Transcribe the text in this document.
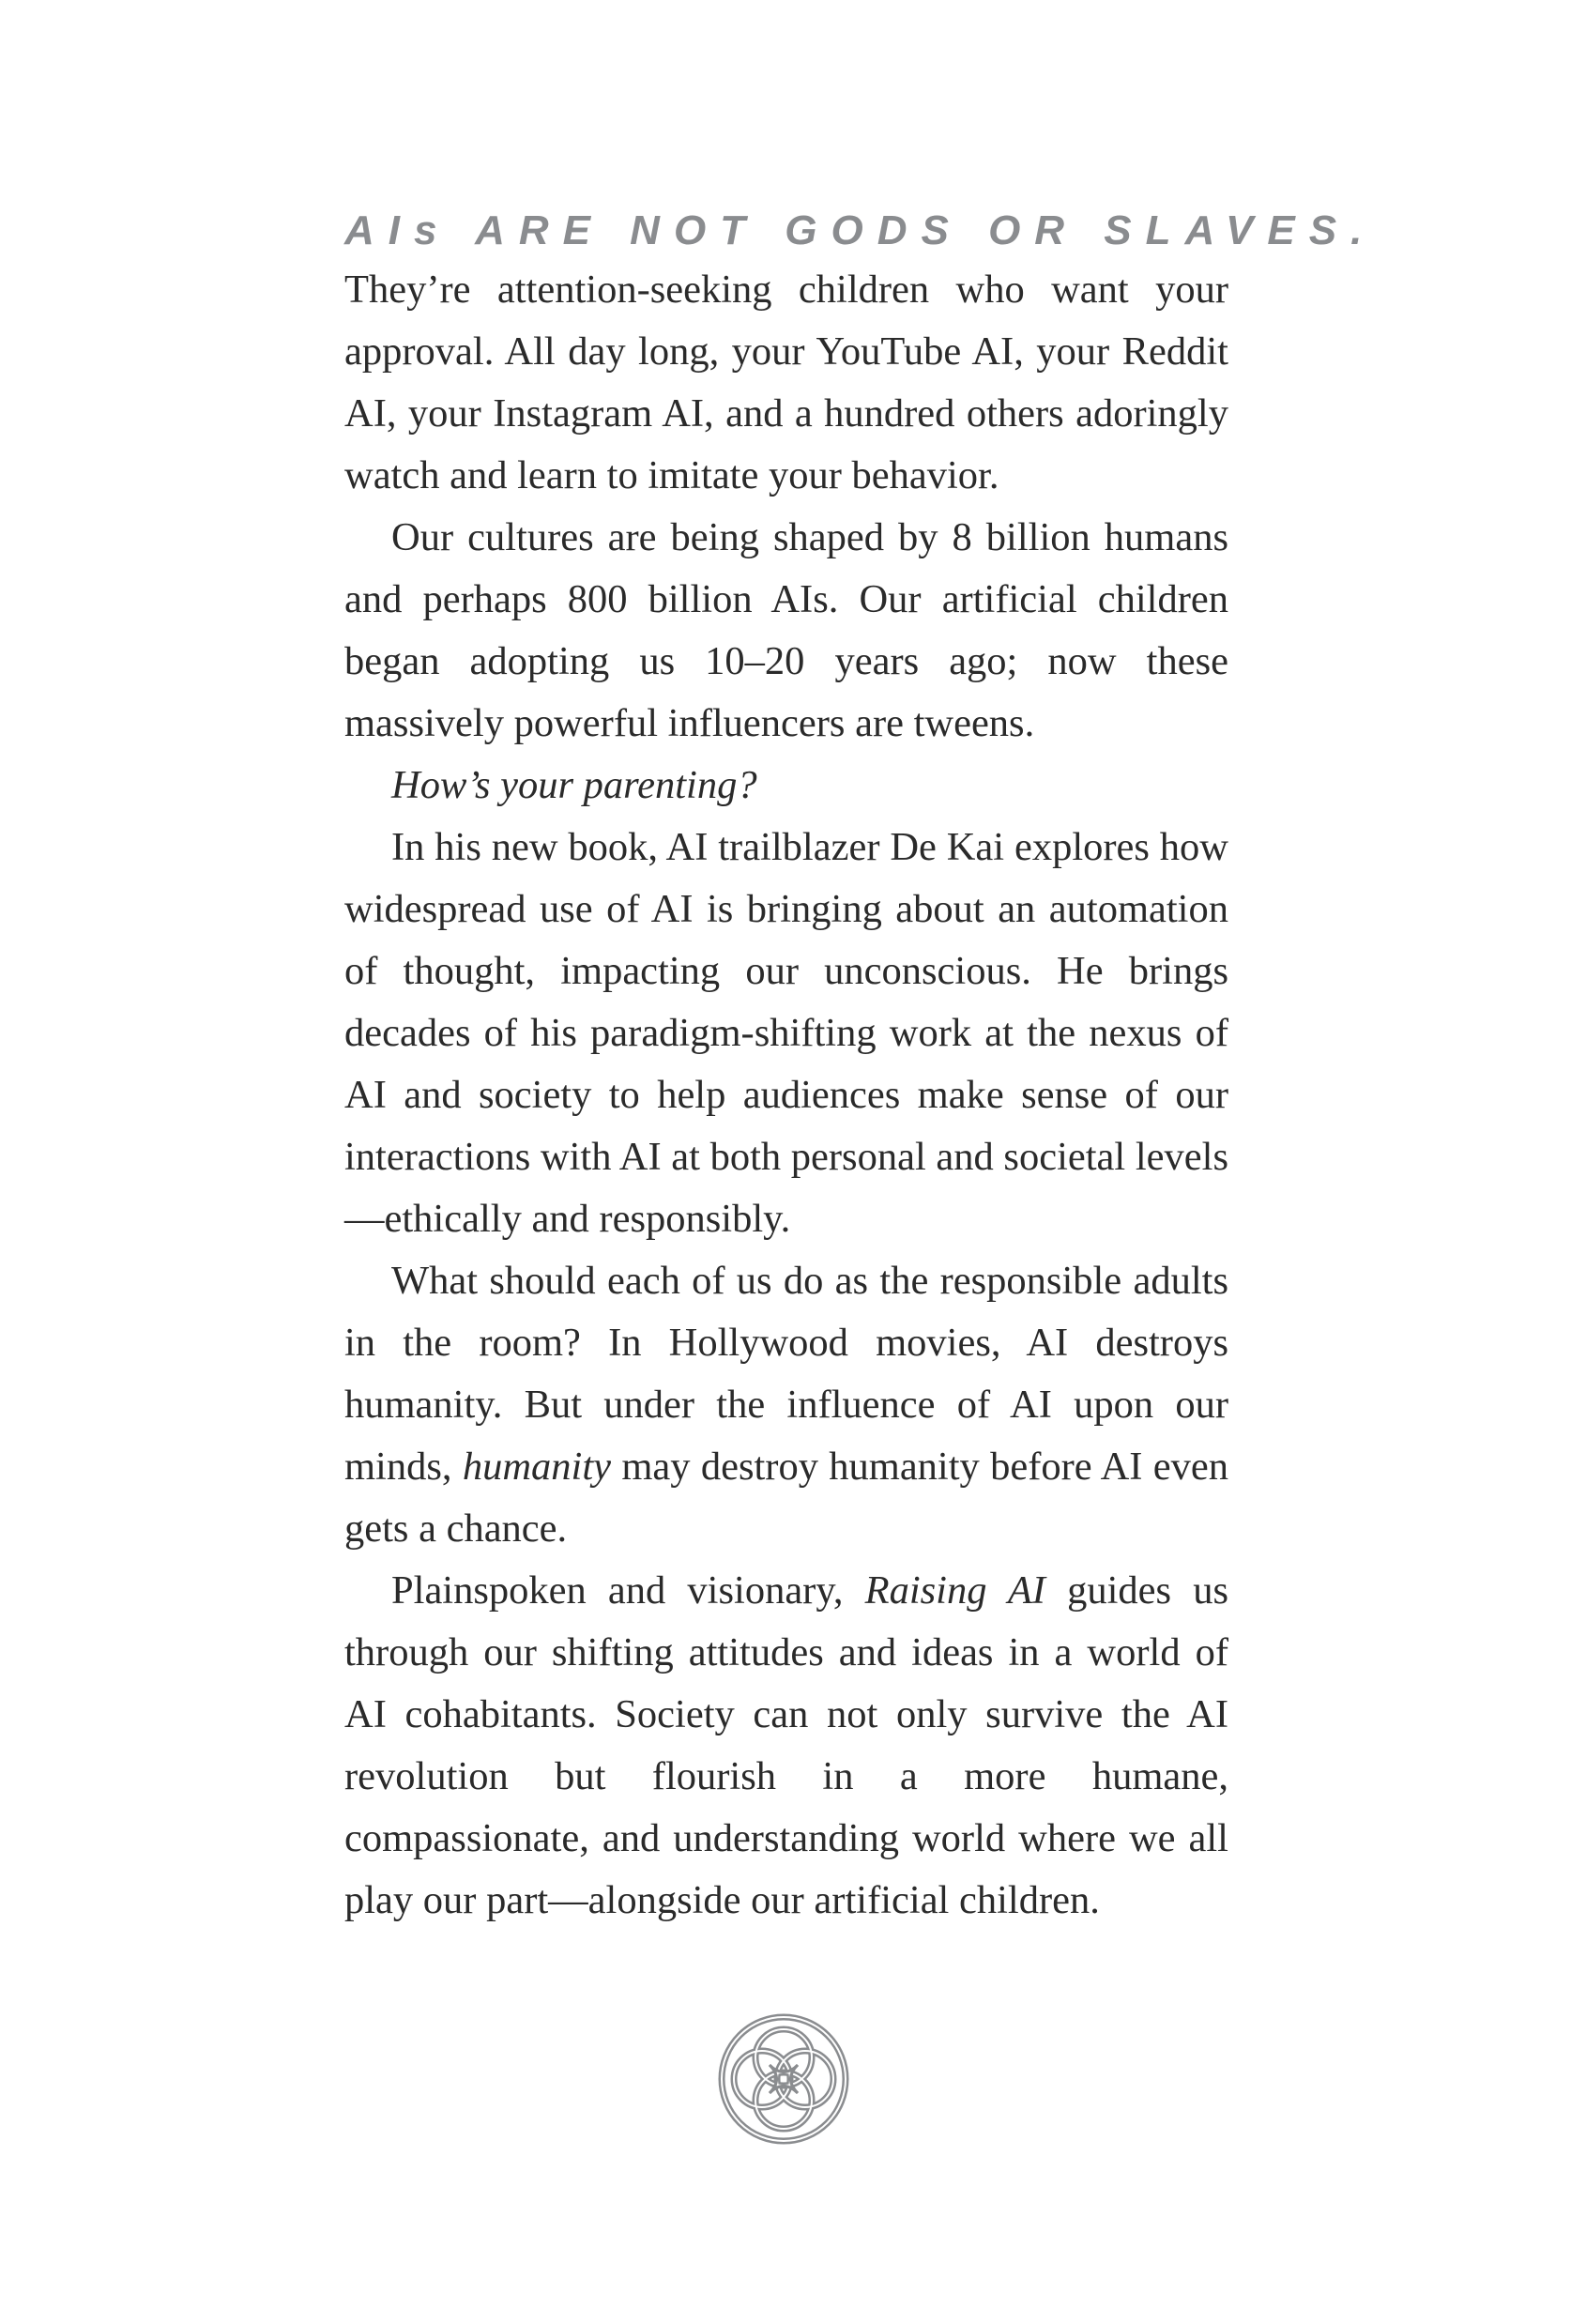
AIs ARE NOT GODS OR SLAVES.

They’re attention-seeking children who want your approval. All day long, your YouTube AI, your Reddit AI, your Instagram AI, and a hundred others adoringly watch and learn to imitate your behavior.

Our cultures are being shaped by 8 billion humans and perhaps 800 billion AIs. Our artificial children began adopting us 10–20 years ago; now these massively powerful influencers are tweens.

How’s your parenting?

In his new book, AI trailblazer De Kai explores how widespread use of AI is bringing about an automation of thought, impacting our unconscious. He brings decades of his paradigm-shifting work at the nexus of AI and society to help audiences make sense of our interactions with AI at both personal and societal levels—ethically and responsibly.

What should each of us do as the responsible adults in the room? In Hollywood movies, AI destroys humanity. But under the influence of AI upon our minds, humanity may destroy humanity before AI even gets a chance.

Plainspoken and visionary, Raising AI guides us through our shifting attitudes and ideas in a world of AI cohabitants. Society can not only survive the AI revolution but flourish in a more humane, compassionate, and understanding world where we all play our part—alongside our artificial children.
